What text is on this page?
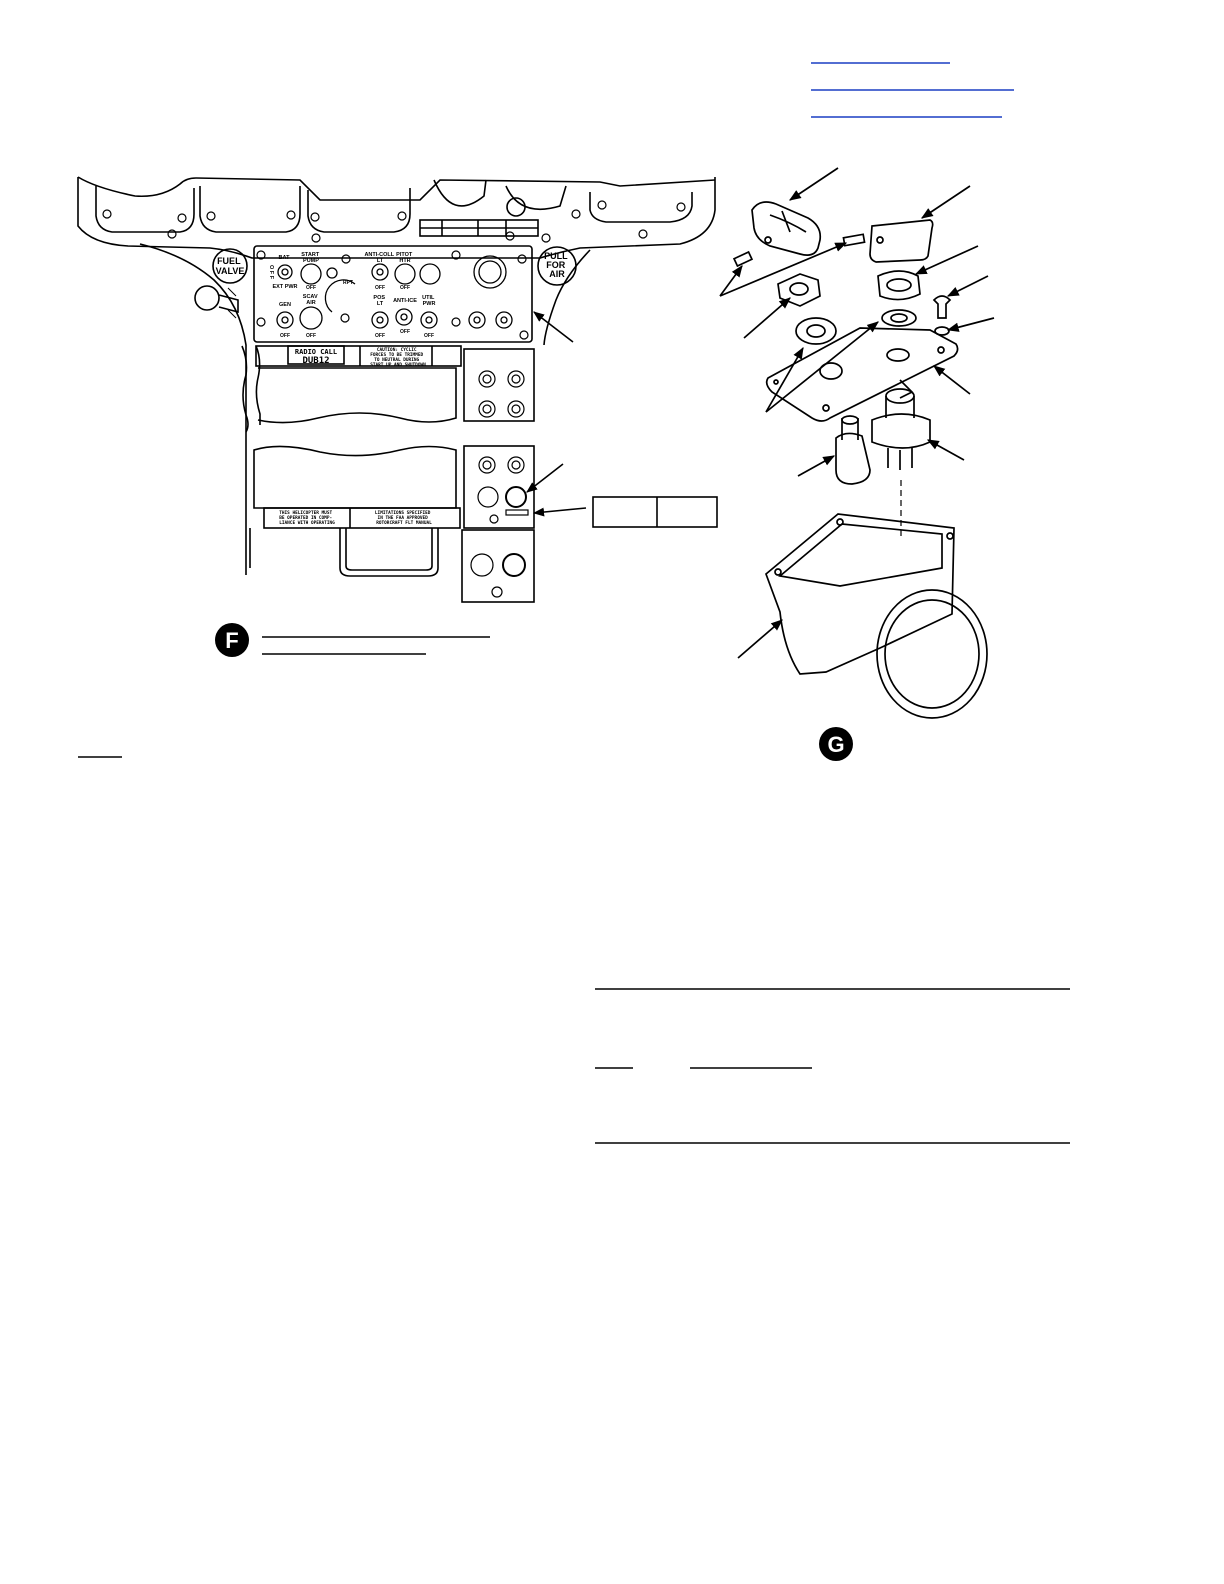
FUEL VALVE
PULL FOR AIR
BAT
O F F
EXT PWR
START PUMP
ANTI-COLL LT
PITOT HTR
GEN
SCAV AIR
POS LT	ANTI-ICE UTIL PWR
RPT
OFF	OFF	OFF
OFF	OFF	OFF
OFF
OFF
RADIO CALL
DUB12
CAUTION: CYCLIC FORCES TO BE TRIMMED TO NEUTRAL DURING START UP AND SHUTDOWN
THIS HELICOPTER MUST BE OPERATED IN COMP- LIANCE WITH OPERATING
LIMITATIONS SPECIFIED IN THE FAA APPROVED ROTORCRAFT FLT MANUAL
F
G
